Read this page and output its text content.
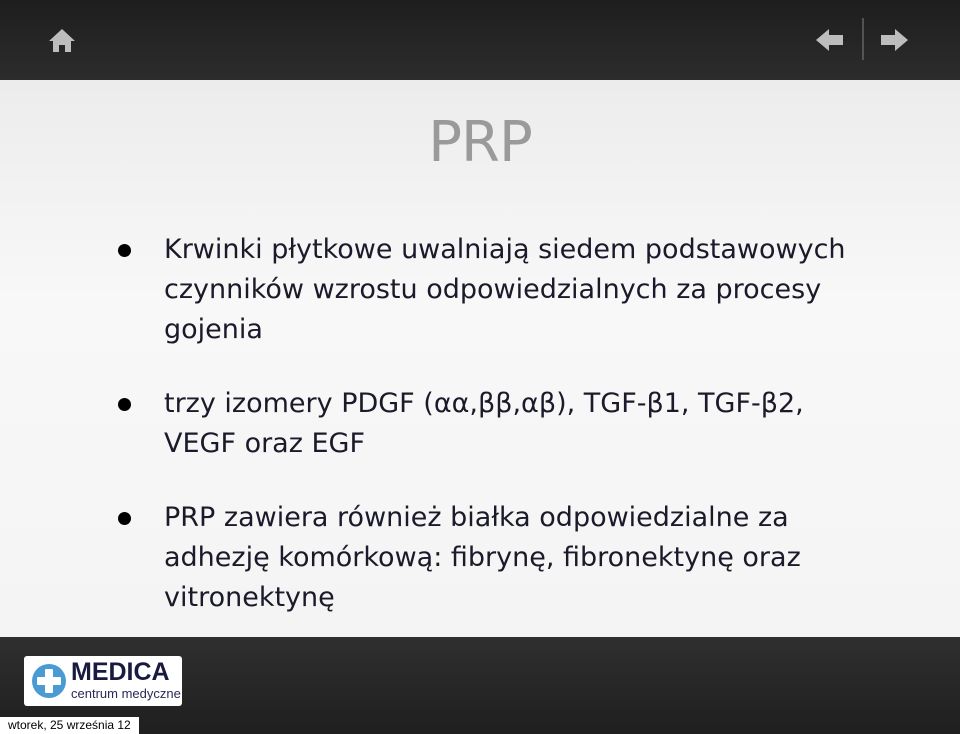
PRP
Krwinki płytkowe uwalniają siedem podstawowych czynników wzrostu odpowiedzialnych za procesy gojenia
trzy izomery PDGF (αα,ββ,αβ), TGF-β1, TGF-β2, VEGF oraz EGF
PRP zawiera również białka odpowiedzialne za adhezję komórkową: fibrynę, fibronektynę oraz vitronektynę
MEDICA
centrum medyczne
wtorek, 25 września 12
